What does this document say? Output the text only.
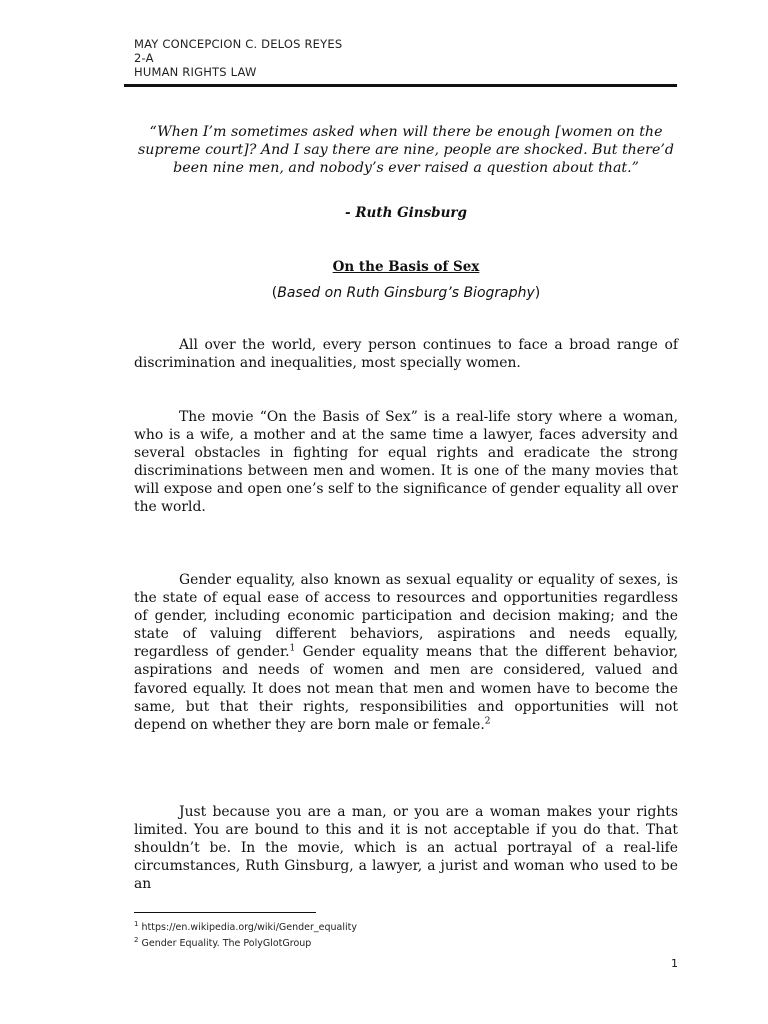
MAY CONCEPCION C. DELOS REYES
2-A
HUMAN RIGHTS LAW
“When I’m sometimes asked when will there be enough [women on the supreme court]? And I say there are nine, people are shocked. But there’d been nine men, and nobody’s ever raised a question about that.”
- Ruth Ginsburg
On the Basis of Sex
(Based on Ruth Ginsburg’s Biography)

All over the world, every person continues to face a broad range of discrimination and inequalities, most specially women.

The movie “On the Basis of Sex” is a real-life story where a woman, who is a wife, a mother and at the same time a lawyer, faces adversity and several obstacles in fighting for equal rights and eradicate the strong discriminations between men and women. It is one of the many movies that will expose and open one’s self to the significance of gender equality all over the world.

Gender equality, also known as sexual equality or equality of sexes, is the state of equal ease of access to resources and opportunities regardless of gender, including economic participation and decision making; and the state of valuing different behaviors, aspirations and needs equally, regardless of gender.$^1$ Gender equality means that the different behavior, aspirations and needs of women and men are considered, valued and favored equally. It does not mean that men and women have to become the same, but that their rights, responsibilities and opportunities will not depend on whether they are born male or female.$^2$

Just because you are a man, or you are a woman makes your rights limited. You are bound to this and it is not acceptable if you do that. That shouldn’t be. In the movie, which is an actual portrayal of a real-life circumstances, Ruth Ginsburg, a lawyer, a jurist and woman who used to be an

$^1$ https://en.wikipedia.org/wiki/Gender_equality
$^2$ Gender Equality. The PolyGlotGroup
1
